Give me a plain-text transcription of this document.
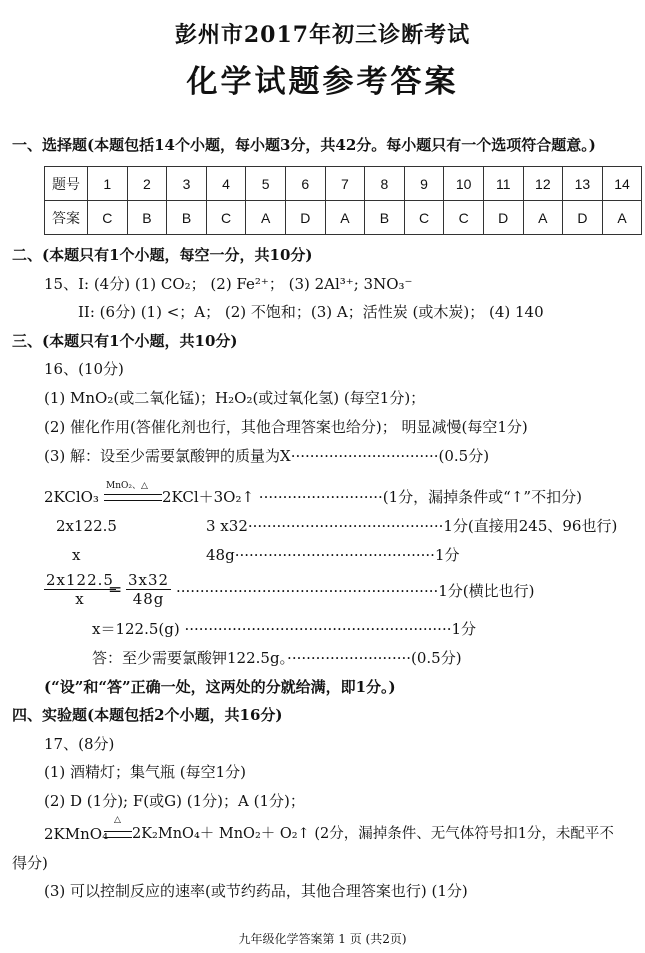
彭州市2017年初三诊断考试
化学试题参考答案
一、选择题(本题包括14个小题，每小题3分，共42分。每小题只有一个选项符合题意。)
题号	1	2	3	4	5	6	7	8	9	10	11	12	13	14
答案	C	B	B	C	A	D	A	B	C	C	D	A	D	A
二、(本题只有1个小题，每空一分，共10分)
15、I: (4分) (1) CO₂； (2) Fe²⁺； (3) 2Al³⁺; 3NO₃⁻
II: (6分) (1) <；A； (2) 不饱和；(3) A；活性炭 (或木炭)； (4) 140
三、(本题只有1个小题，共10分)
16、(10分)
(1) MnO₂(或二氧化锰)；H₂O₂(或过氧化氢) (每空1分)；
(2) 催化作用(答催化剂也行，其他合理答案也给分)； 明显减慢(每空1分)
(3) 解：设至少需要氯酸钾的质量为X·······························(0.5分)
2KClO₃
MnO₂、△
2KCl＋3O₂↑ ··························(1分，漏掉条件或“↑”不扣分)
2x122.5	3 x32·········································1分(直接用245、96也行)
x	48g··········································1分
2x122.5
x	= 3x32
48g ·······················································1分(横比也行)
x＝122.5(g) ························································1分
答：至少需要氯酸钾122.5g。··························(0.5分)
(“设”和“答”正确一处，这两处的分就给满，即1分。)
四、实验题(本题包括2个小题，共16分)
17、(8分)
(1) 酒精灯；集气瓶 (每空1分)
(2) D (1分); F(或G) (1分)；A (1分)；
2KMnO₄
△
2K₂MnO₄＋ MnO₂＋ O₂↑ (2分，漏掉条件、无气体符号扣1分，未配平不
得分)
(3) 可以控制反应的速率(或节约药品，其他合理答案也行) (1分)
九年级化学答案第 1 页 (共2页)
